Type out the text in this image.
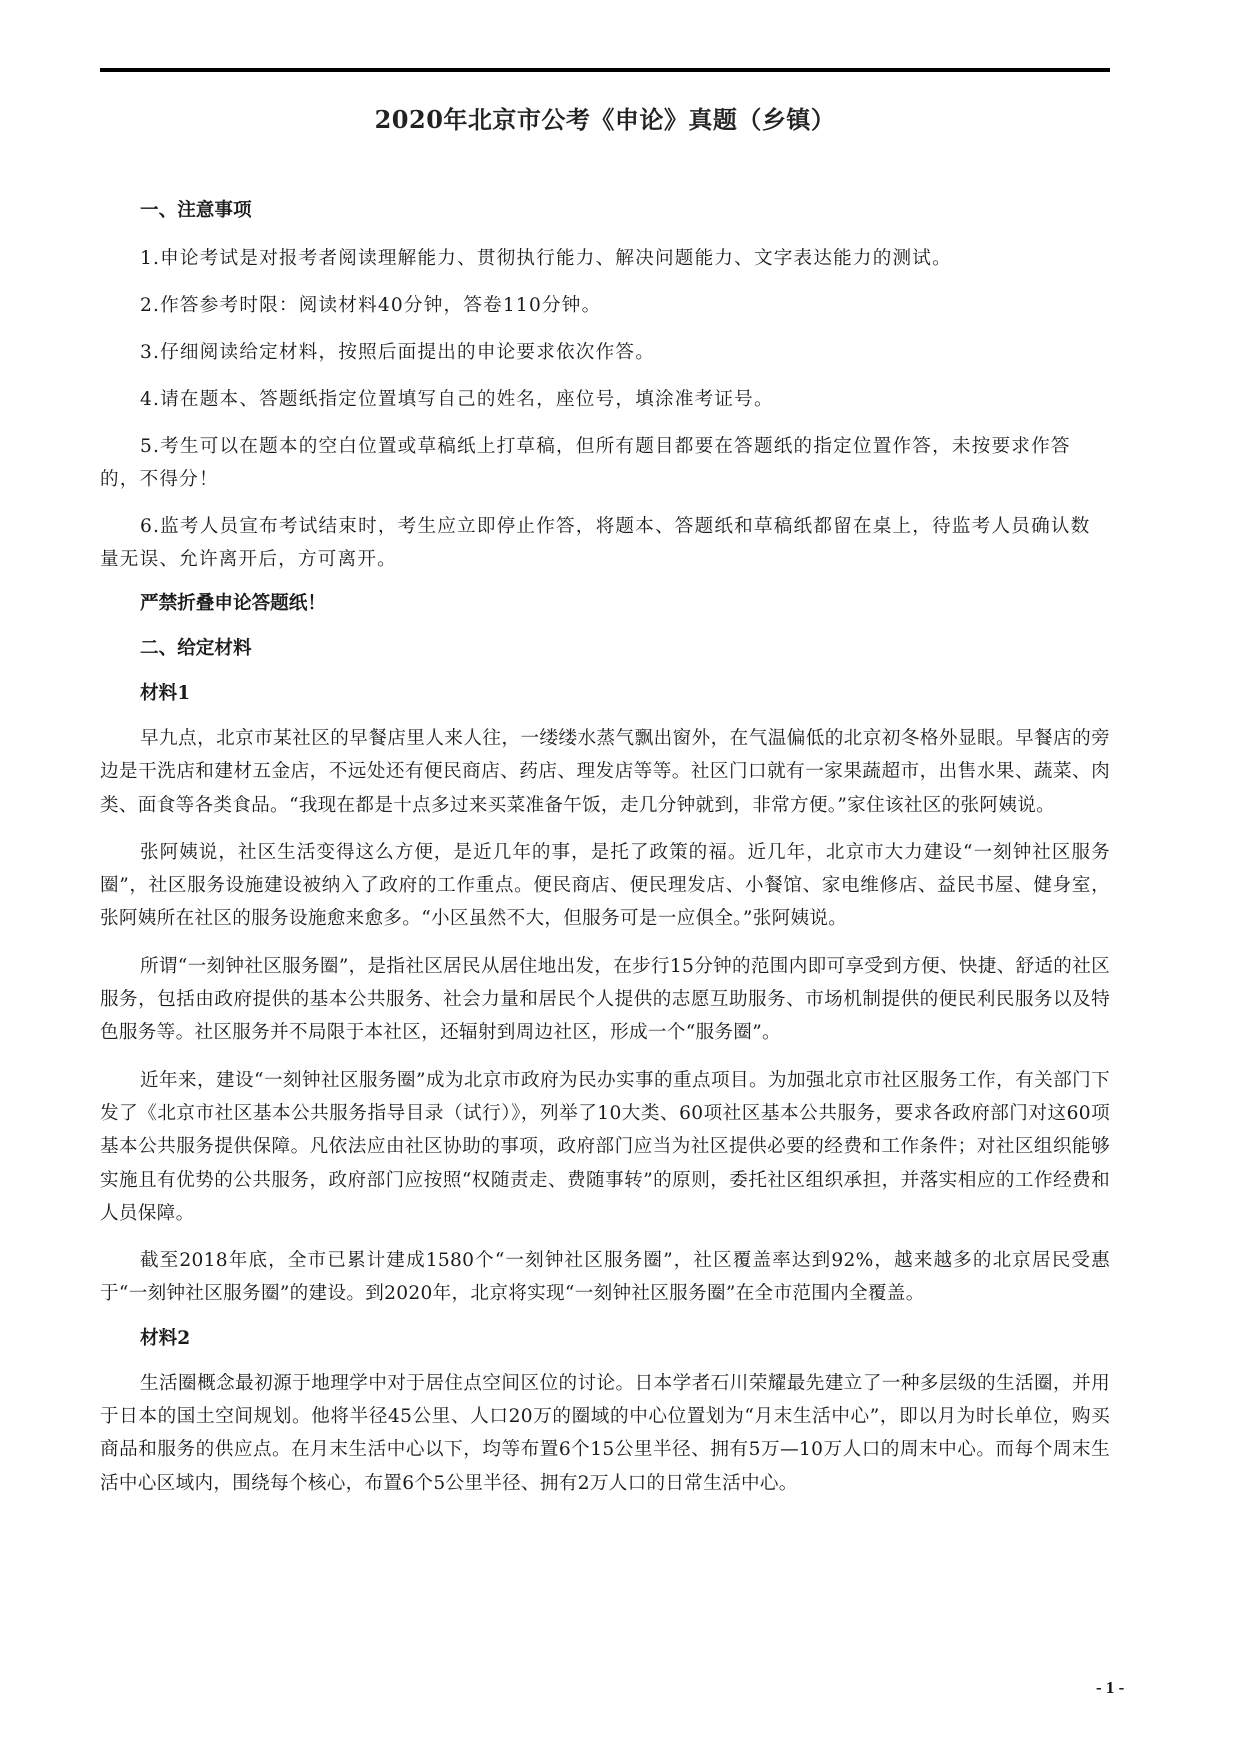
2020年北京市公考《申论》真题（乡镇）
一、注意事项

1.申论考试是对报考者阅读理解能力、贯彻执行能力、解决问题能力、文字表达能力的测试。

2.作答参考时限：阅读材料40分钟，答卷110分钟。

3.仔细阅读给定材料，按照后面提出的申论要求依次作答。

4.请在题本、答题纸指定位置填写自己的姓名，座位号，填涂准考证号。

5.考生可以在题本的空白位置或草稿纸上打草稿，但所有题目都要在答题纸的指定位置作答，未按要求作答的，不得分！

6.监考人员宣布考试结束时，考生应立即停止作答，将题本、答题纸和草稿纸都留在桌上，待监考人员确认数量无误、允许离开后，方可离开。

严禁折叠申论答题纸！
二、给定材料
材料1

早九点，北京市某社区的早餐店里人来人往，一缕缕水蒸气飘出窗外，在气温偏低的北京初冬格外显眼。早餐店的旁边是干洗店和建材五金店，不远处还有便民商店、药店、理发店等等。社区门口就有一家果蔬超市，出售水果、蔬菜、肉类、面食等各类食品。“我现在都是十点多过来买菜准备午饭，走几分钟就到，非常方便。”家住该社区的张阿姨说。

张阿姨说，社区生活变得这么方便，是近几年的事，是托了政策的福。近几年，北京市大力建设“一刻钟社区服务圈”，社区服务设施建设被纳入了政府的工作重点。便民商店、便民理发店、小餐馆、家电维修店、益民书屋、健身室，张阿姨所在社区的服务设施愈来愈多。“小区虽然不大，但服务可是一应俱全。”张阿姨说。

所谓“一刻钟社区服务圈”，是指社区居民从居住地出发，在步行15分钟的范围内即可享受到方便、快捷、舒适的社区服务，包括由政府提供的基本公共服务、社会力量和居民个人提供的志愿互助服务、市场机制提供的便民利民服务以及特色服务等。社区服务并不局限于本社区，还辐射到周边社区，形成一个“服务圈”。

近年来，建设“一刻钟社区服务圈”成为北京市政府为民办实事的重点项目。为加强北京市社区服务工作，有关部门下发了《北京市社区基本公共服务指导目录（试行）》，列举了10大类、60项社区基本公共服务，要求各政府部门对这60项基本公共服务提供保障。凡依法应由社区协助的事项，政府部门应当为社区提供必要的经费和工作条件；对社区组织能够实施且有优势的公共服务，政府部门应按照“权随责走、费随事转”的原则，委托社区组织承担，并落实相应的工作经费和人员保障。

截至2018年底，全市已累计建成1580个“一刻钟社区服务圈”，社区覆盖率达到92%，越来越多的北京居民受惠于“一刻钟社区服务圈”的建设。到2020年，北京将实现“一刻钟社区服务圈”在全市范围内全覆盖。

材料2

生活圈概念最初源于地理学中对于居住点空间区位的讨论。日本学者石川荣耀最先建立了一种多层级的生活圈，并用于日本的国土空间规划。他将半径45公里、人口20万的圈域的中心位置划为“月末生活中心”，即以月为时长单位，购买商品和服务的供应点。在月末生活中心以下，均等布置6个15公里半径、拥有5万—10万人口的周末中心。而每个周末生活中心区域内，围绕每个核心，布置6个5公里半径、拥有2万人口的日常生活中心。

- 1 -
